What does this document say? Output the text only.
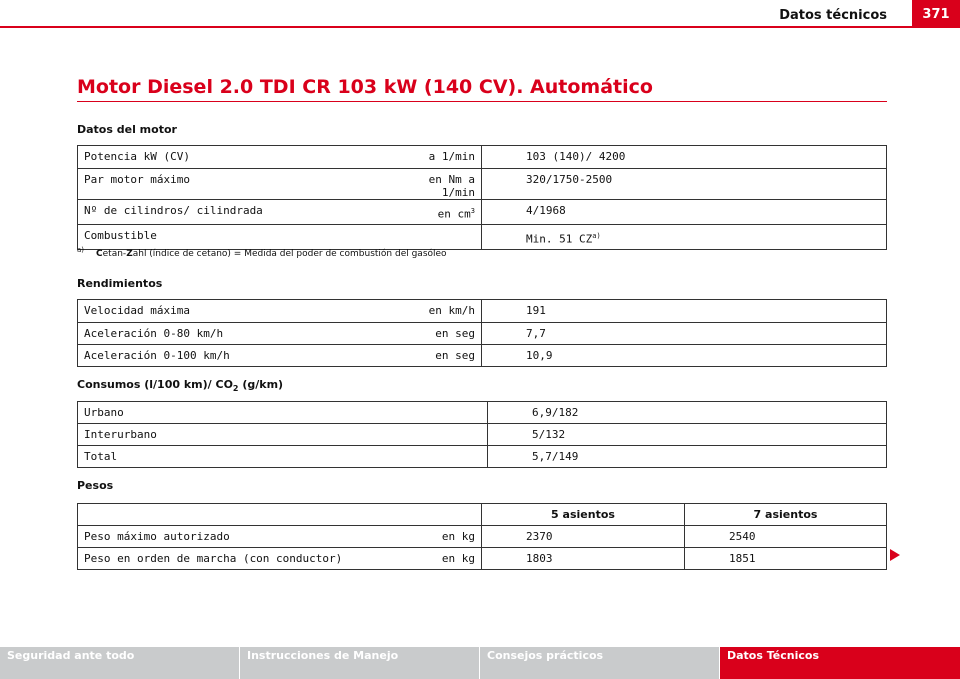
Datos técnicos	371
Motor Diesel 2.0 TDI CR 103 kW (140 CV). Automático
Datos del motor
Potencia kW (CV)	a 1/min	103 (140)/ 4200
Par motor máximo	en Nm a 1/min	320/1750-2500
Nº de cilindros/ cilindrada	en $cm^3$	4/1968
Combustible		Min. 51 CZ$^{a)}$
$^{a)}$ Cetan-Zahl (índice de cetano) = Medida del poder de combustión del gasóleo
Rendimientos
Velocidad máxima	en km/h	191
Aceleración 0-80 km/h	en seg	7,7
Aceleración 0-100 km/h	en seg	10,9
Consumos (l/100 km)/ $CO_2$ (g/km)
Urbano	6,9/182
Interurbano	5/132
Total	5,7/149
Pesos
		5 asientos	7 asientos
Peso máximo autorizado	en kg	2370	2540
Peso en orden de marcha (con conductor)	en kg	1803	1851
Seguridad ante todo	Instrucciones de Manejo	Consejos prácticos	Datos Técnicos
